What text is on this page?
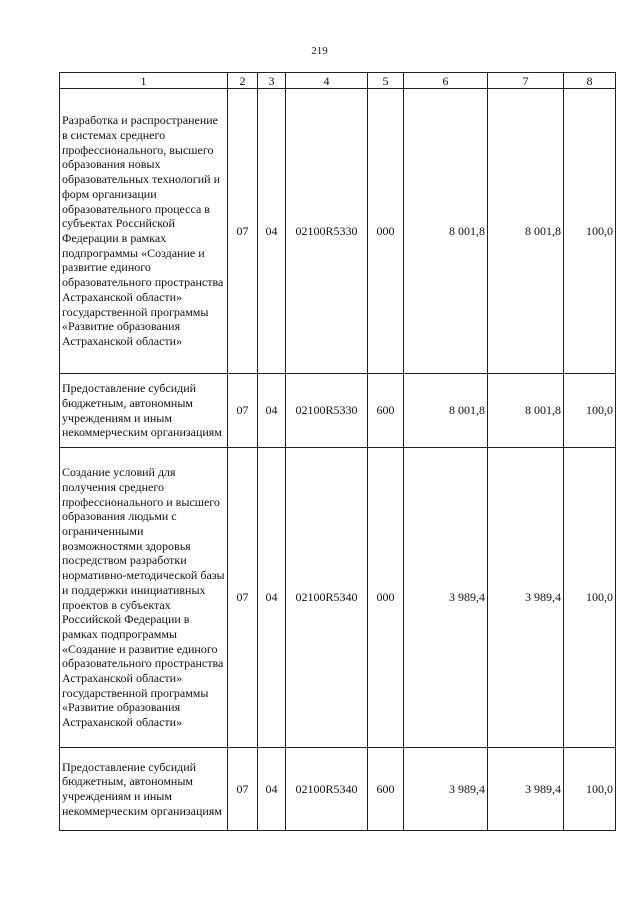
219
1	2	3	4	5	6	7	8
Разработка и распространение в системах среднего профессионального, высшего образования новых образовательных технологий и форм организации образовательного процесса в субъектах Российской Федерации в рамках подпрограммы «Создание и развитие единого образовательного пространства Астраханской области» государственной программы «Развитие образования Астраханской области»	07	04	02100R5330	000	8 001,8	8 001,8	100,0
Предоставление субсидий бюджетным, автономным учреждениям и иным некоммерческим организациям	07	04	02100R5330	600	8 001,8	8 001,8	100,0
Создание условий для получения среднего профессионального и высшего образования людьми с ограниченными возможностями здоровья посредством разработки нормативно-методической базы и поддержки инициативных проектов в субъектах Российской Федерации в рамках подпрограммы «Создание и развитие единого образовательного пространства Астраханской области» государственной программы «Развитие образования Астраханской области»	07	04	02100R5340	000	3 989,4	3 989,4	100,0
Предоставление субсидий бюджетным, автономным учреждениям и иным некоммерческим организациям	07	04	02100R5340	600	3 989,4	3 989,4	100,0
